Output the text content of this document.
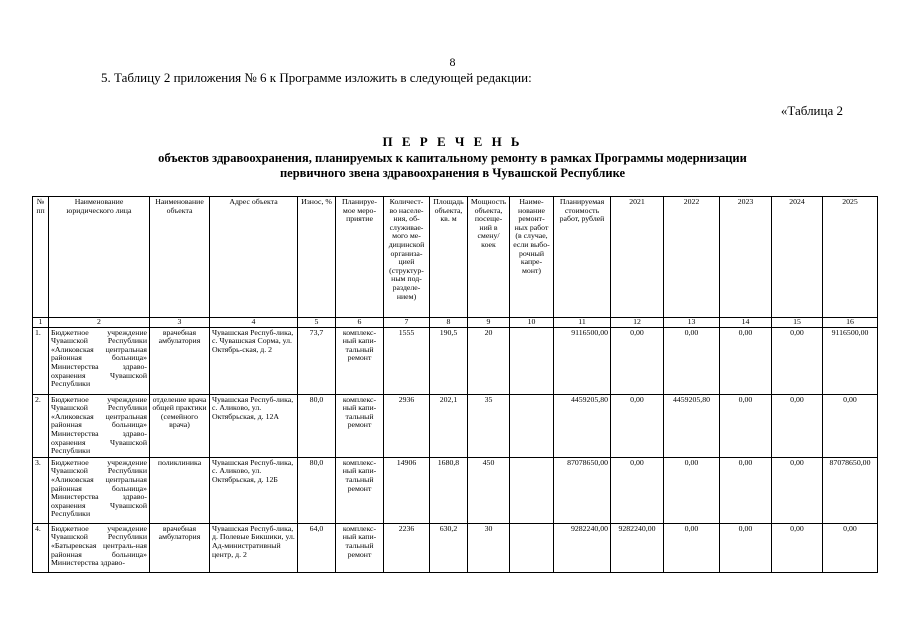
8
5. Таблицу 2 приложения № 6 к Программе изложить в следующей редакции:
«Таблица 2
П Е Р Е Ч Е Н Ь
объектов здравоохранения, планируемых к капитальному ремонту в рамках Программы модернизации
первичного звена здравоохранения в Чувашской Республике
№ пп	Наименование юридического лица	Наименование объекта	Адрес объекта	Износ, %	Планируе-мое меро-приятие	Количест-во населе-ния, об-служивае-мого ме-дицинской организа-цией (структур-ным под-разделе-нием)	Площадь объекта, кв. м	Мощность объекта, посеще-ний в смену/ коек	Наиме-нование ремонт-ных работ (в случае, если выбо-рочный капре-монт)	Планируемая стоимость работ, рублей	2021	2022	2023	2024	2025
1	2	3	4	5	6	7	8	9	10	11	12	13	14	15	16
1.	Бюджетное учреждение Чувашской Республики «Аликовская центральная районная больница» Министерства здраво-охранения Чувашской Республики	врачебная амбулатория	Чувашская Респуб-лика, с. Чувашская Сорма, ул. Октябрь-ская, д. 2	73,7	комплекс-ный капи-тальный ремонт	1555	190,5	20		9116500,00	0,00	0,00	0,00	0,00	9116500,00
2.	Бюджетное учреждение Чувашской Республики «Аликовская центральная районная больница» Министерства здраво-охранения Чувашской Республики	отделение врача общей практики (семейного врача)	Чувашская Респуб-лика, с. Аликово, ул. Октябрьская, д. 12А	80,0	комплекс-ный капи-тальный ремонт	2936	202,1	35		4459205,80	0,00	4459205,80	0,00	0,00	0,00
3.	Бюджетное учреждение Чувашской Республики «Аликовская центральная районная больница» Министерства здраво-охранения Чувашской Республики	поликлиника	Чувашская Респуб-лика, с. Аликово, ул. Октябрьская, д. 12Б	80,0	комплекс-ный капи-тальный ремонт	14906	1680,8	450		87078650,00	0,00	0,00	0,00	0,00	87078650,00
4.	Бюджетное учреждение Чувашской Республики «Батыревская централь-ная районная больница» Министерства здраво-	врачебная амбулатория	Чувашская Респуб-лика, д. Полевые Бикшики, ул. Ад-министративный центр, д. 2	64,0	комплекс-ный капи-тальный ремонт	2236	630,2	30		9282240,00	9282240,00	0,00	0,00	0,00	0,00
